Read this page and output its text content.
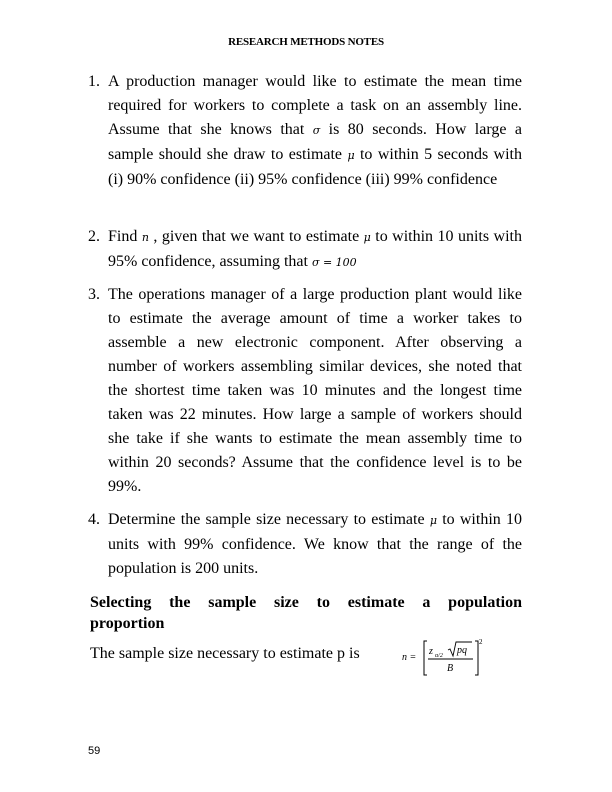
RESEARCH METHODS NOTES
1. A production manager would like to estimate the mean time required for workers to complete a task on an assembly line. Assume that she knows that σ is 80 seconds. How large a sample should she draw to estimate μ to within 5 seconds with (i) 90% confidence (ii) 95% confidence (iii) 99% confidence
2. Find n , given that we want to estimate μ to within 10 units with 95% confidence, assuming that σ = 100
3. The operations manager of a large production plant would like to estimate the average amount of time a worker takes to assemble a new electronic component. After observing a number of workers assembling similar devices, she noted that the shortest time taken was 10 minutes and the longest time taken was 22 minutes. How large a sample of workers should she take if she wants to estimate the mean assembly time to within 20 seconds? Assume that the confidence level is to be 99%.
4. Determine the sample size necessary to estimate μ to within 10 units with 99% confidence. We know that the range of the population is 200 units.
Selecting the sample size to estimate a population
proportion
The sample size necessary to estimate p is	n =
z α/2 pq
B
2
59
